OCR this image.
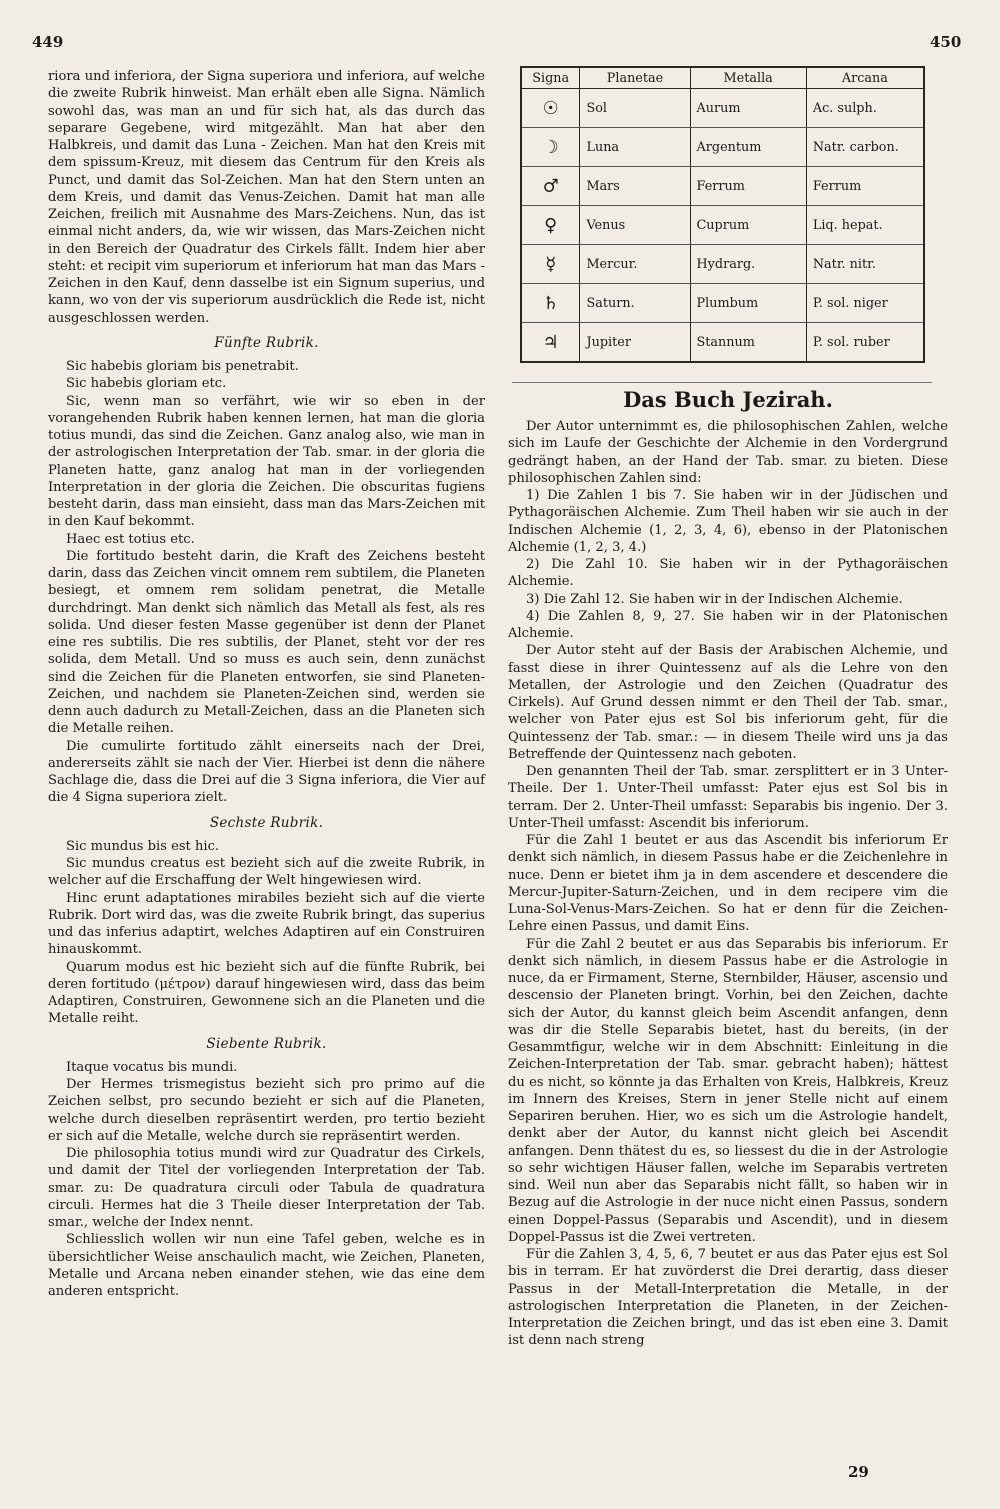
449	450

riora und inferiora, der Signa superiora und inferiora, auf welche die zweite Rubrik hinweist. Man erhält eben alle Signa. Nämlich sowohl das, was man an und für sich hat, als das durch das separare Gegebene, wird mitgezählt. Man hat aber den Halbkreis, und damit das Luna - Zeichen. Man hat den Kreis mit dem spissum-Kreuz, mit diesem das Centrum für den Kreis als Punct, und damit das Sol-Zeichen. Man hat den Stern unten an dem Kreis, und damit das Venus-Zeichen. Damit hat man alle Zeichen, freilich mit Ausnahme des Mars-Zeichens. Nun, das ist einmal nicht anders, da, wie wir wissen, das Mars-Zeichen nicht in den Bereich der Quadratur des Cirkels fällt. Indem hier aber steht: et recipit vim superiorum et inferiorum hat man das Mars - Zeichen in den Kauf, denn dasselbe ist ein Signum superius, und kann, wo von der vis superiorum ausdrücklich die Rede ist, nicht ausgeschlossen werden.

Fünfte Rubrik.

Sic habebis gloriam bis penetrabit.

Sic habebis gloriam etc.

Sic, wenn man so verfährt, wie wir so eben in der vorangehenden Rubrik haben kennen lernen, hat man die gloria totius mundi, das sind die Zeichen. Ganz analog also, wie man in der astrologischen Interpretation der Tab. smar. in der gloria die Planeten hatte, ganz analog hat man in der vorliegenden Interpretation in der gloria die Zeichen. Die obscuritas fugiens besteht darin, dass man einsieht, dass man das Mars-Zeichen mit in den Kauf bekommt.

Haec est totius etc.

Die fortitudo besteht darin, die Kraft des Zeichens besteht darin, dass das Zeichen vincit omnem rem subtilem, die Planeten besiegt, et omnem rem solidam penetrat, die Metalle durchdringt. Man denkt sich nämlich das Metall als fest, als res solida. Und dieser festen Masse gegenüber ist denn der Planet eine res subtilis. Die res subtilis, der Planet, steht vor der res solida, dem Metall. Und so muss es auch sein, denn zunächst sind die Zeichen für die Planeten entworfen, sie sind Planeten-Zeichen, und nachdem sie Planeten-Zeichen sind, werden sie denn auch dadurch zu Metall-Zeichen, dass an die Planeten sich die Metalle reihen.

Die cumulirte fortitudo zählt einerseits nach der Drei, andererseits zählt sie nach der Vier. Hierbei ist denn die nähere Sachlage die, dass die Drei auf die 3 Signa inferiora, die Vier auf die 4 Signa superiora zielt.

Sechste Rubrik.

Sic mundus bis est hic.

Sic mundus creatus est bezieht sich auf die zweite Rubrik, in welcher auf die Erschaffung der Welt hingewiesen wird.

Hinc erunt adaptationes mirabiles bezieht sich auf die vierte Rubrik. Dort wird das, was die zweite Rubrik bringt, das superius und das inferius adaptirt, welches Adaptiren auf ein Construiren hinauskommt.

Quarum modus est hic bezieht sich auf die fünfte Rubrik, bei deren fortitudo (μέτρον) darauf hingewiesen wird, dass das beim Adaptiren, Construiren, Gewonnene sich an die Planeten und die Metalle reiht.

Siebente Rubrik.

Itaque vocatus bis mundi.

Der Hermes trismegistus bezieht sich pro primo auf die Zeichen selbst, pro secundo bezieht er sich auf die Planeten, welche durch dieselben repräsentirt werden, pro tertio bezieht er sich auf die Metalle, welche durch sie repräsentirt werden.

Die philosophia totius mundi wird zur Quadratur des Cirkels, und damit der Titel der vorliegenden Interpretation der Tab. smar. zu: De quadratura circuli oder Tabula de quadratura circuli. Hermes hat die 3 Theile dieser Interpretation der Tab. smar., welche der Index nennt.

Schliesslich wollen wir nun eine Tafel geben, welche es in übersichtlicher Weise anschaulich macht, wie Zeichen, Planeten, Metalle und Arcana neben einander stehen, wie das eine dem anderen entspricht.

Signa	Planetae	Metalla	Arcana
☉	Sol	Aurum	Ac. sulph.
☽	Luna	Argentum	Natr. carbon.
♂	Mars	Ferrum	Ferrum
♀	Venus	Cuprum	Liq. hepat.
☿	Mercur.	Hydrarg.	Natr. nitr.
♄	Saturn.	Plumbum	P. sol. niger
♃	Jupiter	Stannum	P. sol. ruber
Das Buch Jezirah.

Der Autor unternimmt es, die philosophischen Zahlen, welche sich im Laufe der Geschichte der Alchemie in den Vordergrund gedrängt haben, an der Hand der Tab. smar. zu bieten. Diese philosophischen Zahlen sind:

1) Die Zahlen 1 bis 7. Sie haben wir in der Jüdischen und Pythagoräischen Alchemie. Zum Theil haben wir sie auch in der Indischen Alchemie (1, 2, 3, 4, 6), ebenso in der Platonischen Alchemie (1, 2, 3, 4.)

2) Die Zahl 10. Sie haben wir in der Pythagoräischen Alchemie.

3) Die Zahl 12. Sie haben wir in der Indischen Alchemie.

4) Die Zahlen 8, 9, 27. Sie haben wir in der Platonischen Alchemie.

Der Autor steht auf der Basis der Arabischen Alchemie, und fasst diese in ihrer Quintessenz auf als die Lehre von den Metallen, der Astrologie und den Zeichen (Quadratur des Cirkels). Auf Grund dessen nimmt er den Theil der Tab. smar., welcher von Pater ejus est Sol bis inferiorum geht, für die Quintessenz der Tab. smar.: — in diesem Theile wird uns ja das Betreffende der Quintessenz nach geboten.

Den genannten Theil der Tab. smar. zersplittert er in 3 Unter-Theile. Der 1. Unter-Theil umfasst: Pater ejus est Sol bis in terram. Der 2. Unter-Theil umfasst: Separabis bis ingenio. Der 3. Unter-Theil umfasst: Ascendit bis inferiorum.

Für die Zahl 1 beutet er aus das Ascendit bis inferiorum Er denkt sich nämlich, in diesem Passus habe er die Zeichenlehre in nuce. Denn er bietet ihm ja in dem ascendere et descendere die Mercur-Jupiter-Saturn-Zeichen, und in dem recipere vim die Luna-Sol-Venus-Mars-Zeichen. So hat er denn für die Zeichen-Lehre einen Passus, und damit Eins.

Für die Zahl 2 beutet er aus das Separabis bis inferiorum. Er denkt sich nämlich, in diesem Passus habe er die Astrologie in nuce, da er Firmament, Sterne, Sternbilder, Häuser, ascensio und descensio der Planeten bringt. Vorhin, bei den Zeichen, dachte sich der Autor, du kannst gleich beim Ascendit anfangen, denn was dir die Stelle Separabis bietet, hast du bereits, (in der Gesammtfigur, welche wir in dem Abschnitt: Einleitung in die Zeichen-Interpretation der Tab. smar. gebracht haben); hättest du es nicht, so könnte ja das Erhalten von Kreis, Halbkreis, Kreuz im Innern des Kreises, Stern in jener Stelle nicht auf einem Separiren beruhen. Hier, wo es sich um die Astrologie handelt, denkt aber der Autor, du kannst nicht gleich bei Ascendit anfangen. Denn thätest du es, so liessest du die in der Astrologie so sehr wichtigen Häuser fallen, welche im Separabis vertreten sind. Weil nun aber das Separabis nicht fällt, so haben wir in Bezug auf die Astrologie in der nuce nicht einen Passus, sondern einen Doppel-Passus (Separabis und Ascendit), und in diesem Doppel-Passus ist die Zwei vertreten.

Für die Zahlen 3, 4, 5, 6, 7 beutet er aus das Pater ejus est Sol bis in terram. Er hat zuvörderst die Drei derartig, dass dieser Passus in der Metall-Interpretation die Metalle, in der astrologischen Interpretation die Planeten, in der Zeichen-Interpretation die Zeichen bringt, und das ist eben eine 3. Damit ist denn nach streng

29
